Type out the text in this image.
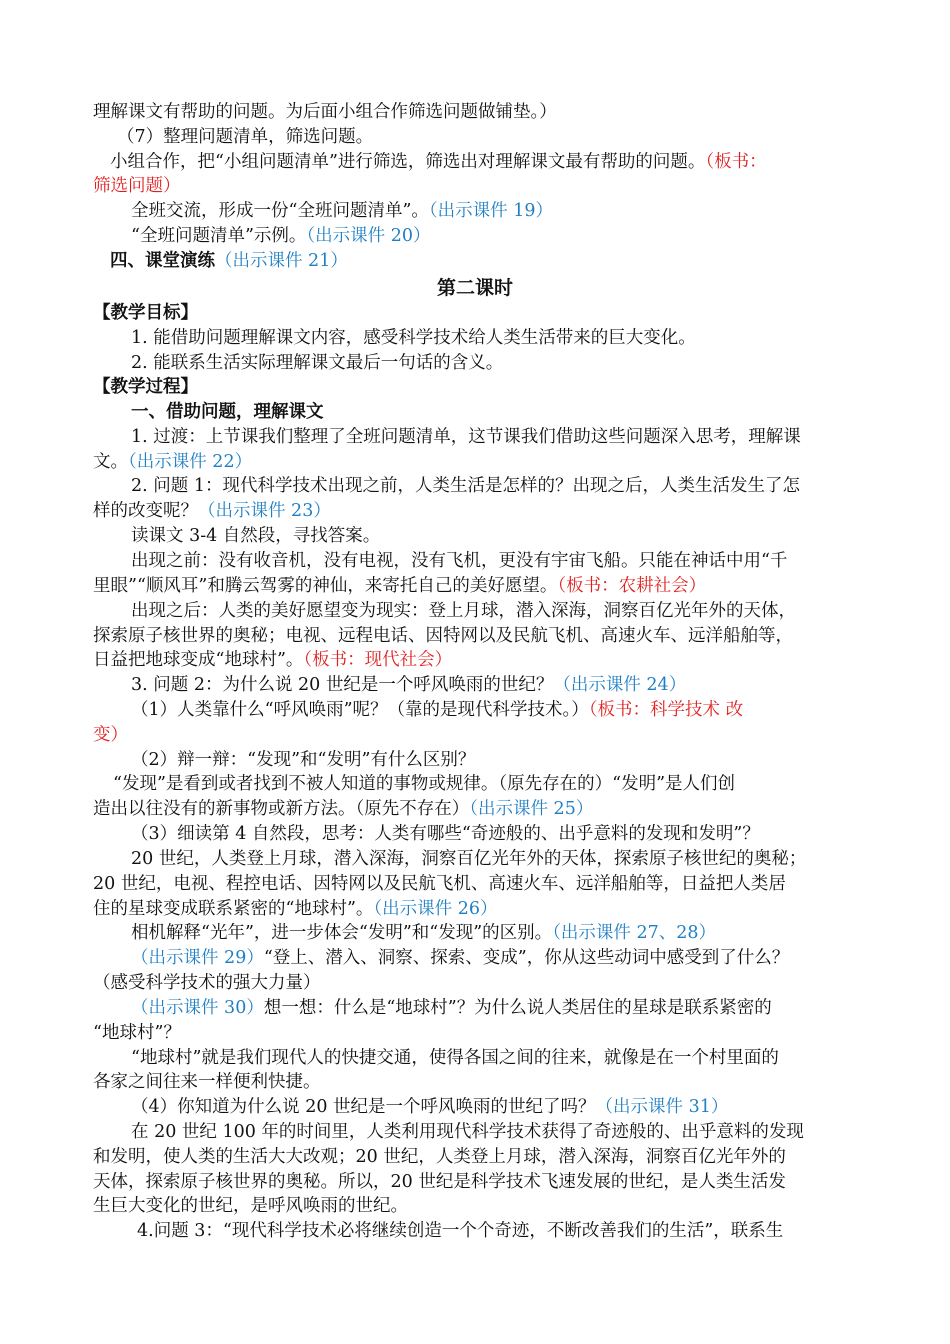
理解课文有帮助的问题。为后面小组合作筛选问题做铺垫。）
（7）整理问题清单，筛选问题。
小组合作，把“小组问题清单”进行筛选，筛选出对理解课文最有帮助的问题。（板书：
筛选问题）
全班交流，形成一份“全班问题清单”。（出示课件 19）
“全班问题清单”示例。（出示课件 20）
四、课堂演练（出示课件 21）
第二课时
【教学目标】
1. 能借助问题理解课文内容，感受科学技术给人类生活带来的巨大变化。
2. 能联系生活实际理解课文最后一句话的含义。
【教学过程】
一、借助问题，理解课文
1. 过渡：上节课我们整理了全班问题清单，这节课我们借助这些问题深入思考，理解课
文。（出示课件 22）
2. 问题 1：现代科学技术出现之前，人类生活是怎样的？出现之后，人类生活发生了怎
样的改变呢？（出示课件 23）
读课文 3-4 自然段，寻找答案。
出现之前：没有收音机，没有电视，没有飞机，更没有宇宙飞船。只能在神话中用“千
里眼”“顺风耳”和腾云驾雾的神仙，来寄托自己的美好愿望。（板书：农耕社会）
出现之后：人类的美好愿望变为现实：登上月球，潜入深海，洞察百亿光年外的天体，
探索原子核世界的奥秘；电视、远程电话、因特网以及民航飞机、高速火车、远洋船舶等，
日益把地球变成“地球村”。（板书：现代社会）
3. 问题 2：为什么说 20 世纪是一个呼风唤雨的世纪？（出示课件 24）
（1）人类靠什么“呼风唤雨”呢？（靠的是现代科学技术。）（板书：科学技术 改
变）
（2）辩一辩：“发现”和“发明”有什么区别？
“发现”是看到或者找到不被人知道的事物或规律。（原先存在的）“发明”是人们创
造出以往没有的新事物或新方法。（原先不存在）（出示课件 25）
（3）细读第 4 自然段，思考：人类有哪些“奇迹般的、出乎意料的发现和发明”？
20 世纪，人类登上月球，潜入深海，洞察百亿光年外的天体，探索原子核世纪的奥秘；
20 世纪，电视、程控电话、因特网以及民航飞机、高速火车、远洋船舶等，日益把人类居
住的星球变成联系紧密的“地球村”。（出示课件 26）
相机解释“光年”，进一步体会“发明”和“发现”的区别。（出示课件 27、28）
（出示课件 29）“登上、潜入、洞察、探索、变成”，你从这些动词中感受到了什么？
（感受科学技术的强大力量）
（出示课件 30）想一想：什么是“地球村”？为什么说人类居住的星球是联系紧密的
“地球村”？
“地球村”就是我们现代人的快捷交通，使得各国之间的往来，就像是在一个村里面的
各家之间往来一样便利快捷。
（4）你知道为什么说 20 世纪是一个呼风唤雨的世纪了吗？（出示课件 31）
在 20 世纪 100 年的时间里，人类利用现代科学技术获得了奇迹般的、出乎意料的发现
和发明，使人类的生活大大改观；20 世纪，人类登上月球，潜入深海，洞察百亿光年外的
天体，探索原子核世界的奥秘。所以，20 世纪是科学技术飞速发展的世纪，是人类生活发
生巨大变化的世纪，是呼风唤雨的世纪。
4.问题 3：“现代科学技术必将继续创造一个个奇迹，不断改善我们的生活”，联系生
